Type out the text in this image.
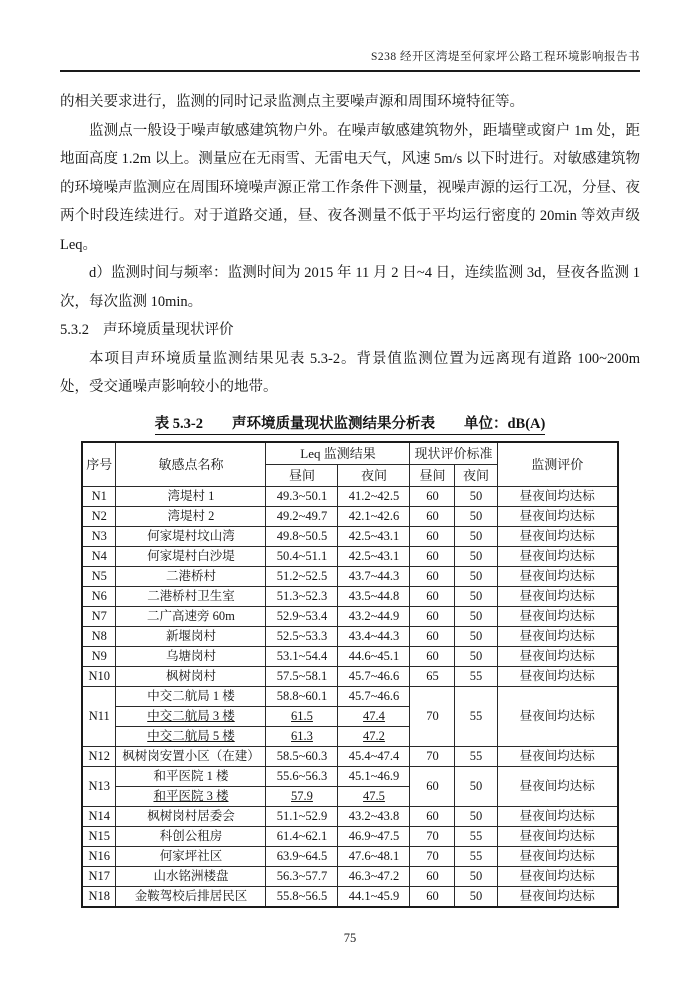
S238 经开区湾堤至何家坪公路工程环境影响报告书

的相关要求进行，监测的同时记录监测点主要噪声源和周围环境特征等。

监测点一般设于噪声敏感建筑物户外。在噪声敏感建筑物外，距墙壁或窗户 1m 处，距地面高度 1.2m 以上。测量应在无雨雪、无雷电天气，风速 5m/s 以下时进行。对敏感建筑物的环境噪声监测应在周围环境噪声源正常工作条件下测量，视噪声源的运行工况，分昼、夜两个时段连续进行。对于道路交通，昼、夜各测量不低于平均运行密度的 20min 等效声级 Leq。

d）监测时间与频率：监测时间为 2015 年 11 月 2 日~4 日，连续监测 3d，昼夜各监测 1 次，每次监测 10min。

5.3.2 声环境质量现状评价

本项目声环境质量监测结果见表 5.3-2。背景值监测位置为远离现有道路 100~200m 处，受交通噪声影响较小的地带。

表 5.3-2　　声环境质量现状监测结果分析表　　单位：dB(A)
序号	敏感点名称	Leq 监测结果		现状评价标准		监测评价
		昼间	夜间	昼间	夜间	
N1	湾堤村 1	49.3~50.1	41.2~42.5	60	50	昼夜间均达标
N2	湾堤村 2	49.2~49.7	42.1~42.6	60	50	昼夜间均达标
N3	何家堤村坟山湾	49.8~50.5	42.5~43.1	60	50	昼夜间均达标
N4	何家堤村白沙堤	50.4~51.1	42.5~43.1	60	50	昼夜间均达标
N5	二港桥村	51.2~52.5	43.7~44.3	60	50	昼夜间均达标
N6	二港桥村卫生室	51.3~52.3	43.5~44.8	60	50	昼夜间均达标
N7	二广高速旁 60m	52.9~53.4	43.2~44.9	60	50	昼夜间均达标
N8	新堰岗村	52.5~53.3	43.4~44.3	60	50	昼夜间均达标
N9	乌塘岗村	53.1~54.4	44.6~45.1	60	50	昼夜间均达标
N10	枫树岗村	57.5~58.1	45.7~46.6	65	55	昼夜间均达标
N11	中交二航局 1 楼	58.8~60.1	45.7~46.6	70	55	昼夜间均达标
	中交二航局 3 楼	61.5	47.4			
	中交二航局 5 楼	61.3	47.2			
N12	枫树岗安置小区（在建）	58.5~60.3	45.4~47.4	70	55	昼夜间均达标
N13	和平医院 1 楼	55.6~56.3	45.1~46.9	60	50	昼夜间均达标
	和平医院 3 楼	57.9	47.5			
N14	枫树岗村居委会	51.1~52.9	43.2~43.8	60	50	昼夜间均达标
N15	科创公租房	61.4~62.1	46.9~47.5	70	55	昼夜间均达标
N16	何家坪社区	63.9~64.5	47.6~48.1	70	55	昼夜间均达标
N17	山水铭洲楼盘	56.3~57.7	46.3~47.2	60	50	昼夜间均达标
N18	金鞍驾校后排居民区	55.8~56.5	44.1~45.9	60	50	昼夜间均达标
75
